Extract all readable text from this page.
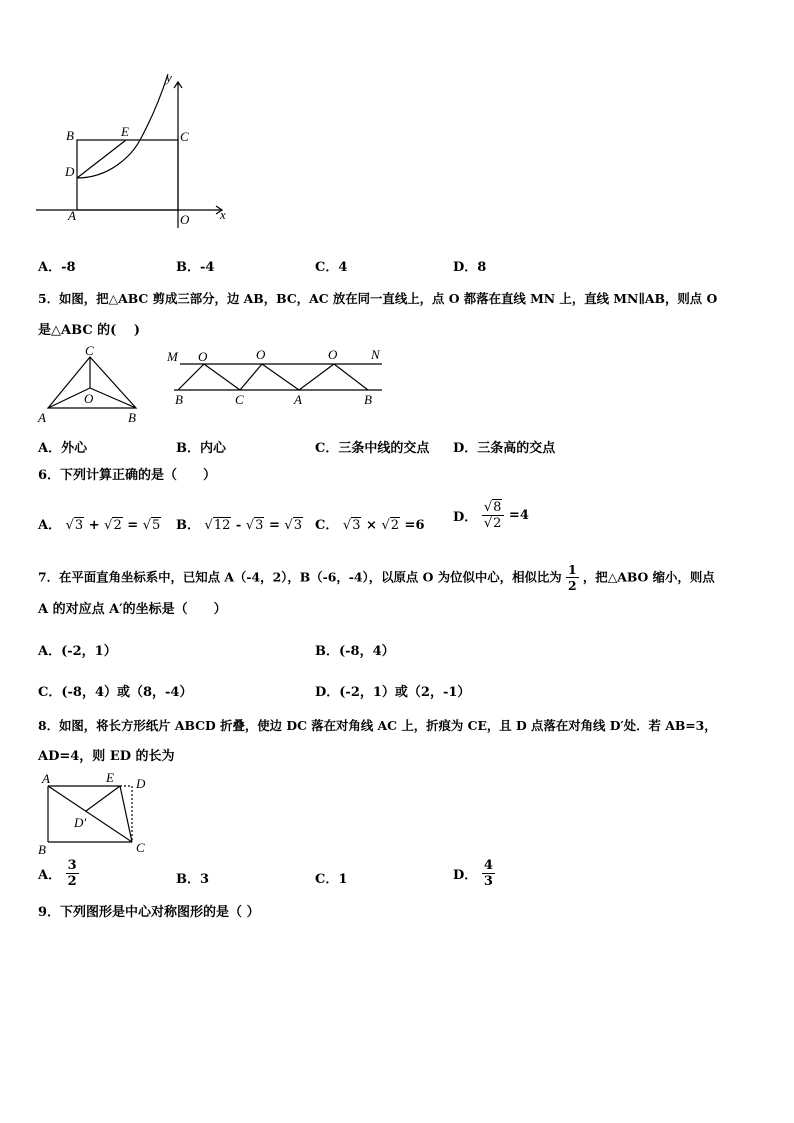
y
x
B	E	C
D
A	O
A．-8	B．-4	C．4	D．8
5．如图，把△ABC 剪成三部分，边 AB，BC，AC 放在同一直线上，点 O 都落在直线 MN 上，直线 MN∥AB，则点 O
是△ABC 的(　 )
C
O
A	B
M O	O	O	N
B	C	A	B
A．外心	B．内心	C．三条中线的交点 D．三条高的交点
6．下列计算正确的是（　　）
A． √3 + √2 = √5 B． √12 - √3 = √3 C． √3 × √2 =6
D． $\frac{√8}{√2} =4$
7．在平面直角坐标系中，已知点 A（-4，2），B（-6，-4），以原点 O 为位似中心，相似比为 $\frac{1}{2}$ ，把△ABO 缩小，则点
A 的对应点 A′的坐标是（　　）
A．(-2，1）	B．(-8，4）
C．(-8，4）或（8，-4）	D．(-2，1）或（2，-1）
8．如图，将长方形纸片 ABCD 折叠，使边 DC 落在对角线 AC 上，折痕为 CE，且 D 点落在对角线 D′处．若 AB=3，
AD=4，则 ED 的长为
A	E D
D′
B	C
A． $\frac{3}{2}$	B．3	C．1	D． $\frac{4}{3}$
9．下列图形是中心对称图形的是（ ）
